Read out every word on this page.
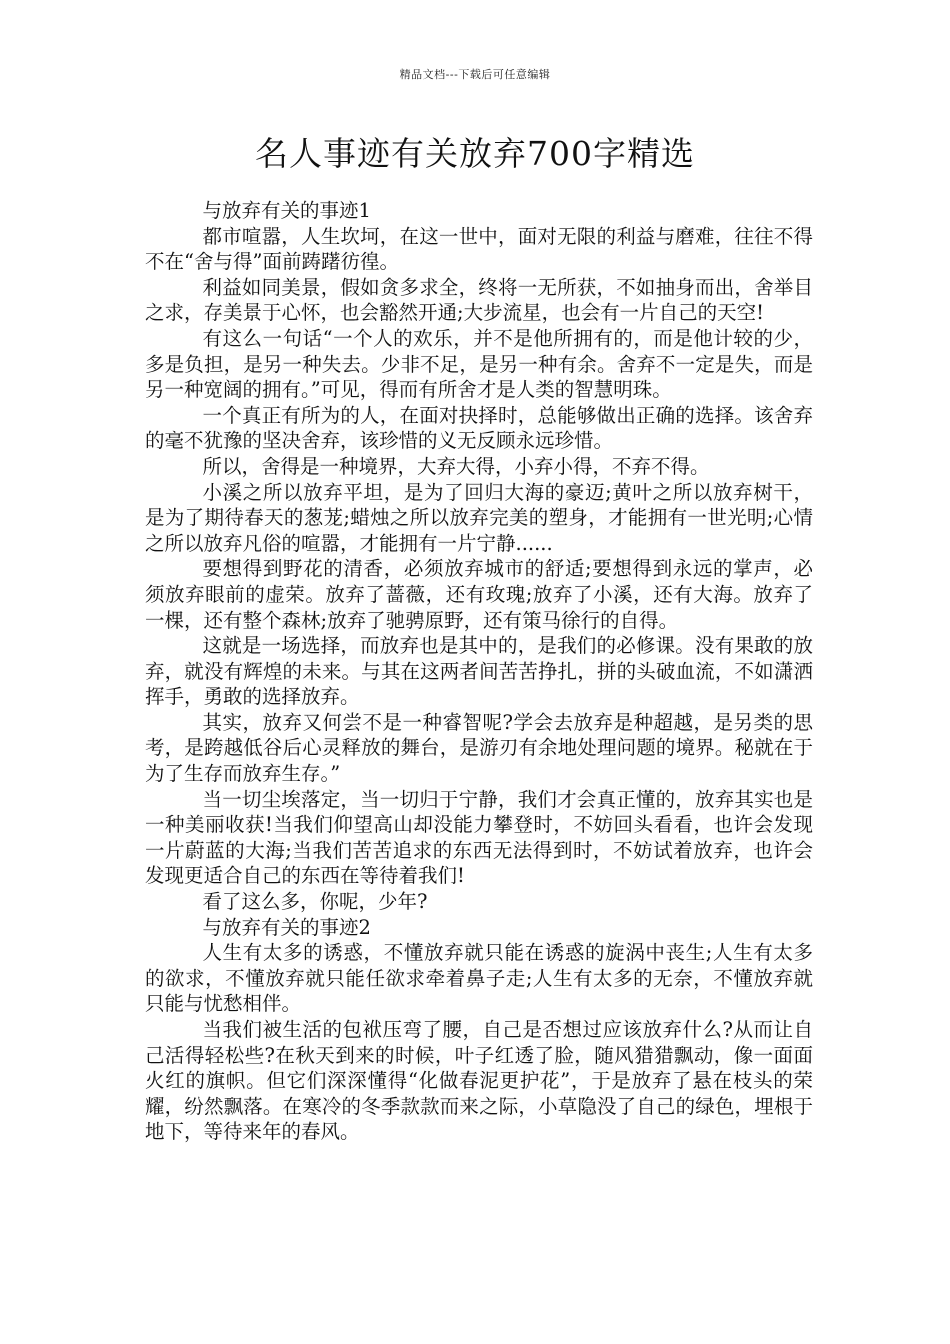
精品文档---下载后可任意编辑
名人事迹有关放弃700字精选

与放弃有关的事迹1

都市喧嚣，人生坎坷，在这一世中，面对无限的利益与磨难，往往不得不在“舍与得”面前踌躇彷徨。

利益如同美景，假如贪多求全，终将一无所获，不如抽身而出，舍举目之求，存美景于心怀，也会豁然开通;大步流星，也会有一片自己的天空!

有这么一句话“一个人的欢乐，并不是他所拥有的，而是他计较的少，多是负担，是另一种失去。少非不足，是另一种有余。舍弃不一定是失，而是另一种宽阔的拥有。”可见，得而有所舍才是人类的智慧明珠。

一个真正有所为的人，在面对抉择时，总能够做出正确的选择。该舍弃的毫不犹豫的坚决舍弃，该珍惜的义无反顾永远珍惜。

所以，舍得是一种境界，大弃大得，小弃小得，不弃不得。

小溪之所以放弃平坦，是为了回归大海的豪迈;黄叶之所以放弃树干，是为了期待春天的葱茏;蜡烛之所以放弃完美的塑身，才能拥有一世光明;心情之所以放弃凡俗的喧嚣，才能拥有一片宁静......

要想得到野花的清香，必须放弃城市的舒适;要想得到永远的掌声，必须放弃眼前的虚荣。放弃了蔷薇，还有玫瑰;放弃了小溪，还有大海。放弃了一棵，还有整个森林;放弃了驰骋原野，还有策马徐行的自得。

这就是一场选择，而放弃也是其中的，是我们的必修课。没有果敢的放弃，就没有辉煌的未来。与其在这两者间苦苦挣扎，拼的头破血流，不如潇洒挥手，勇敢的选择放弃。

其实，放弃又何尝不是一种睿智呢?学会去放弃是种超越，是另类的思考，是跨越低谷后心灵释放的舞台，是游刃有余地处理问题的境界。秘就在于为了生存而放弃生存。”

当一切尘埃落定，当一切归于宁静，我们才会真正懂的，放弃其实也是一种美丽收获!当我们仰望高山却没能力攀登时，不妨回头看看，也许会发现一片蔚蓝的大海;当我们苦苦追求的东西无法得到时，不妨试着放弃，也许会发现更适合自己的东西在等待着我们!

看了这么多，你呢，少年?

与放弃有关的事迹2

人生有太多的诱惑，不懂放弃就只能在诱惑的旋涡中丧生;人生有太多的欲求，不懂放弃就只能任欲求牵着鼻子走;人生有太多的无奈，不懂放弃就只能与忧愁相伴。

当我们被生活的包袱压弯了腰，自己是否想过应该放弃什么?从而让自己活得轻松些?在秋天到来的时候，叶子红透了脸，随风猎猎飘动，像一面面火红的旗帜。但它们深深懂得“化做春泥更护花”，于是放弃了悬在枝头的荣耀，纷然飘落。在寒冷的冬季款款而来之际，小草隐没了自己的绿色，埋根于地下，等待来年的春风。
